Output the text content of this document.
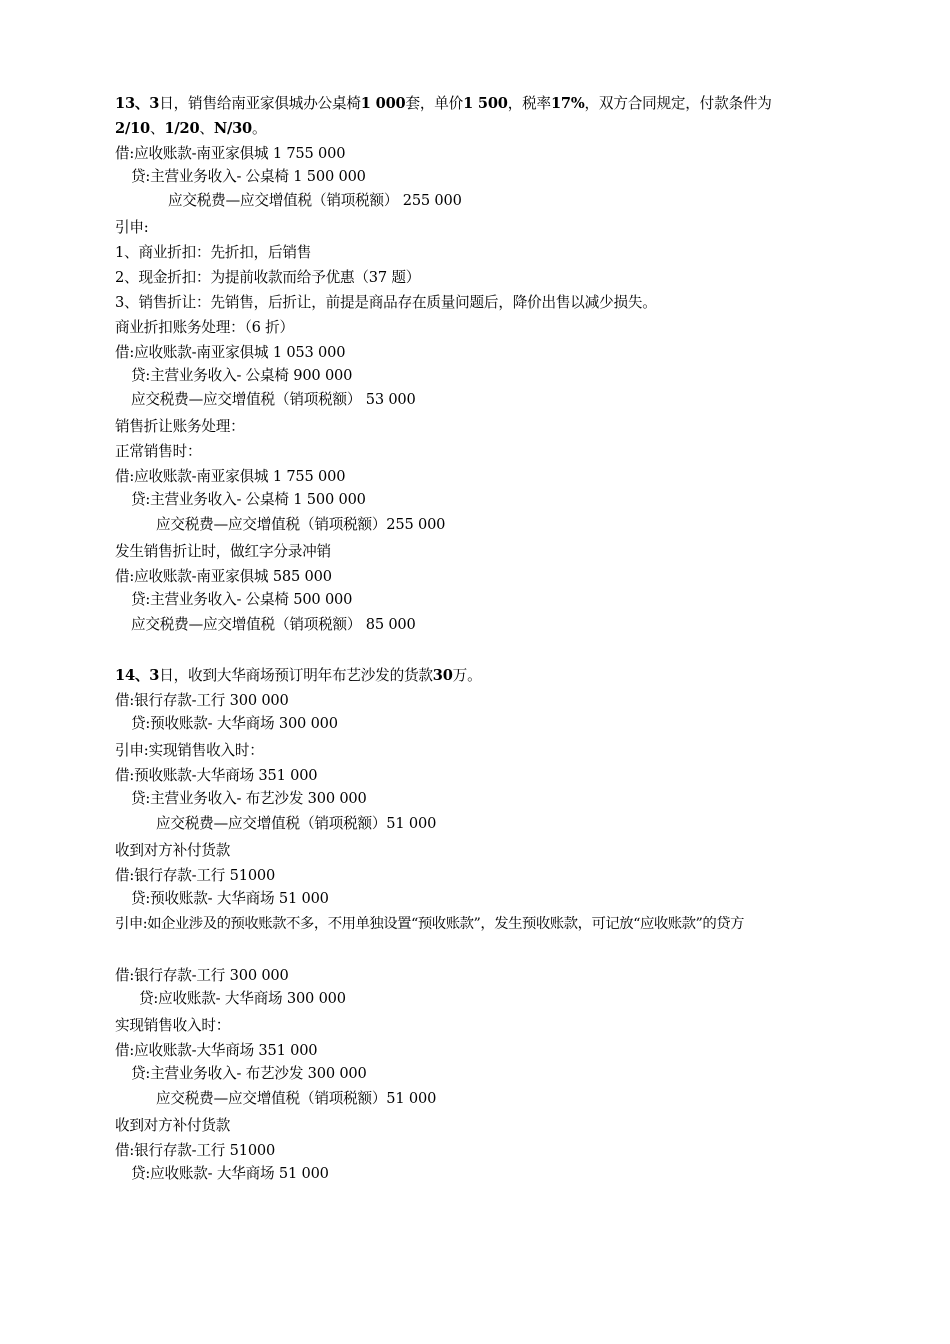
13、3日，销售给南亚家俱城办公桌椅1 000套，单价1 500，税率17%，双方合同规定，付款条件为
2/10、1/20、N/30。
借:应收账款-南亚家俱城 1 755 000
贷:主营业务收入- 公桌椅 1 500 000
应交税费—应交增值税（销项税额） 255 000
引申:
1、商业折扣：先折扣，后销售
2、现金折扣：为提前收款而给予优惠（37 题）
3、销售折让：先销售，后折让，前提是商品存在质量问题后，降价出售以减少损失。
商业折扣账务处理：（6 折）
借:应收账款-南亚家俱城 1 053 000
贷:主营业务收入- 公桌椅 900 000
应交税费—应交增值税（销项税额） 53 000
销售折让账务处理：
正常销售时：
借:应收账款-南亚家俱城 1 755 000
贷:主营业务收入- 公桌椅 1 500 000
应交税费—应交增值税（销项税额）255 000
发生销售折让时，做红字分录冲销
借:应收账款-南亚家俱城 585 000
贷:主营业务收入- 公桌椅 500 000
应交税费—应交增值税（销项税额） 85 000
14、3日，收到大华商场预订明年布艺沙发的货款30万。
借:银行存款-工行 300 000
贷:预收账款- 大华商场 300 000
引申:实现销售收入时：
借:预收账款-大华商场 351 000
贷:主营业务收入- 布艺沙发 300 000
应交税费—应交增值税（销项税额）51 000
收到对方补付货款
借:银行存款-工行 51000
贷:预收账款- 大华商场 51 000
引申:如企业涉及的预收账款不多，不用单独设置“预收账款”，发生预收账款，可记放“应收账款”的贷方
借:银行存款-工行 300 000
贷:应收账款- 大华商场 300 000
实现销售收入时：
借:应收账款-大华商场 351 000
贷:主营业务收入- 布艺沙发 300 000
应交税费—应交增值税（销项税额）51 000
收到对方补付货款
借:银行存款-工行 51000
贷:应收账款- 大华商场 51 000
